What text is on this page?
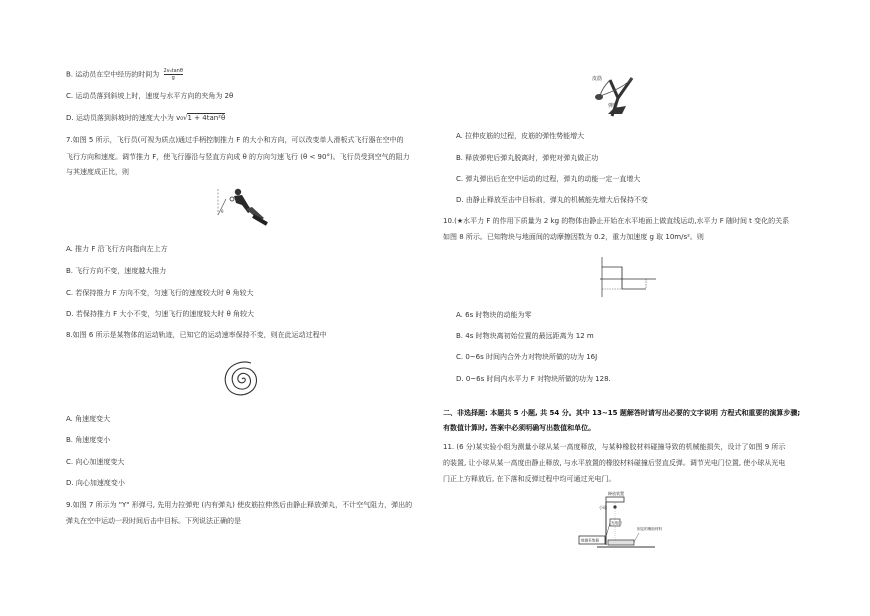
B. 运动员在空中经历的时间为 $\frac{\text{2v₀tanθ}}{g}$
C. 运动员落到斜坡上时，速度与水平方向的夹角为 2θ
D. 运动员落到斜坡时的速度大小为 v₀√1 + 4tan²θ
7.如图 5 所示，飞行员(可视为质点)通过手柄控制推力 F 的大小和方向，可以改变单人滑板式飞行器在空中的
飞行方向和速度。调节推力 F，使飞行器沿与竖直方向成 θ 的方向匀速飞行 (θ < 90°)。飞行员受到空气的阻力
与其速度成正比，则
θ
A. 推力 F 沿飞行方向指向左上方
B. 飞行方向不变，速度越大推力
C. 若保持推力 F 方向不变，匀速飞行的速度较大时 θ 角较大
D. 若保持推力 F 大小不变，匀速飞行的速度较大时 θ 角较大
8.如图 6 所示是某物体的运动轨迹，已知它的运动速率保持不变，则在此运动过程中
A. 角速度变大
B. 角速度变小
C. 向心加速度变大
D. 向心加速度变小
9.如图 7 所示为 "Y" 形弹弓, 先用力拉弹兜 (内有弹丸) 使皮筋拉伸然后由静止释放弹丸，不计空气阻力，弹出的
弹丸在空中运动一段时间后击中目标。下列说法正确的是
皮筋
弹兜
A. 拉伸皮筋的过程，皮筋的弹性势能增大
B. 释放弹兜后弹丸脱离时，弹兜对弹丸做正功
C. 弹丸弹出后在空中运动的过程，弹丸的动能一定一直增大
D. 由静止释放至击中目标前，弹丸的机械能先增大后保持不变
10.(★水平力 F 的作用下质量为 2 kg 的物体由静止开始在水平地面上做直线运动,水平力 F 随时间 t 变化的关系
如图 8 所示。已知物块与地面间的动摩擦因数为 0.2，重力加速度 g 取 10m/s²。则
A. 6s 时物块的动能为零
B. 4s 时物块离初始位置的最远距离为 12 m
C. 0~6s 时间内合外力对物块所做的功为 16J
D. 0~6s 时间内水平力 F 对物块所做的功为 128.
二、非选择题: 本题共 5 小题, 共 54 分。其中 13~15 题解答时请写出必要的文字说明 方程式和重要的演算步骤;
有数值计算时, 答案中必须明确写出数值和单位。
11. (6 分)某实验小组为测量小球从某一高度释放，与某种橡胶材料碰撞导致的机械能损失，设计了如图 9 所示
的装置, 让小球从某一高度由静止释放, 与水平放置的橡胶材料碰撞后竖直反弹。调节光电门位置, 使小球从光电
门正上方释放后, 在下落和反弹过程中均可通过光电门。
释放装置
小球
光电门
固定的橡胶材料
数据采集器
